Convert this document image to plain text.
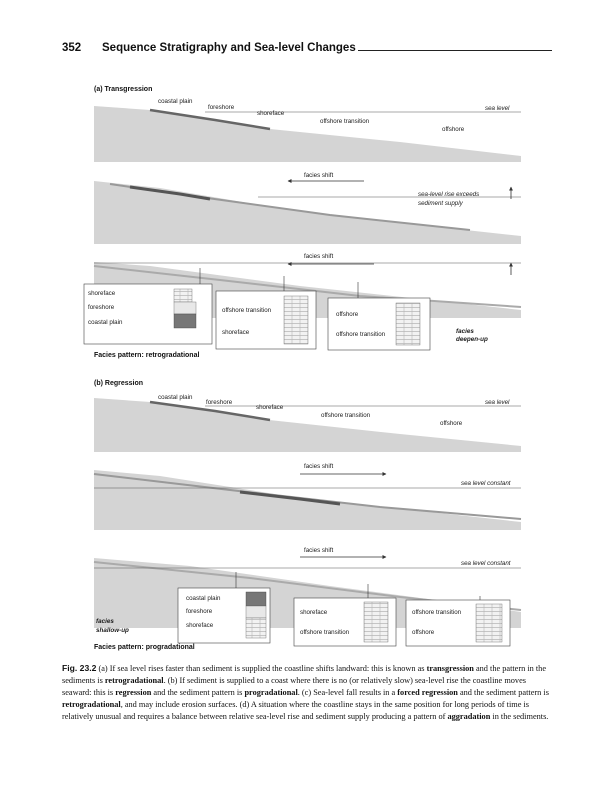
352 Sequence Stratigraphy and Sea-level Changes
(a) Transgression
coastal plain
foreshore
shoreface
offshore transition
offshore
sea level
facies shift
sea-level rise exceeds
sediment supply
facies shift
shoreface
foreshore
coastal plain
offshore transition
shoreface
offshore
offshore transition	facies
deepen-up
Facies pattern: retrogradational
(b) Regression
coastal plain
foreshore
shoreface
offshore transition
offshore
sea level
facies shift
sea level constant
facies shift
sea level constant
coastal plain
foreshore
shoreface
shoreface
offshore transition
offshore transition
offshore
facies
shallow-up
Facies pattern: progradational
Fig. 23.2 (a) If sea level rises faster than sediment is supplied the coastline shifts landward: this is known as transgression and the pattern in the sediments is retrogradational. (b) If sediment is supplied to a coast where there is no (or relatively slow) sea-level rise the coastline moves seaward: this is regression and the sediment pattern is progradational. (c) Sea-level fall results in a forced regression and the sediment pattern is retrogradational, and may include erosion surfaces. (d) A situation where the coastline stays in the same position for long periods of time is relatively unusual and requires a balance between relative sea-level rise and sediment supply producing a pattern of aggradation in the sediments.
